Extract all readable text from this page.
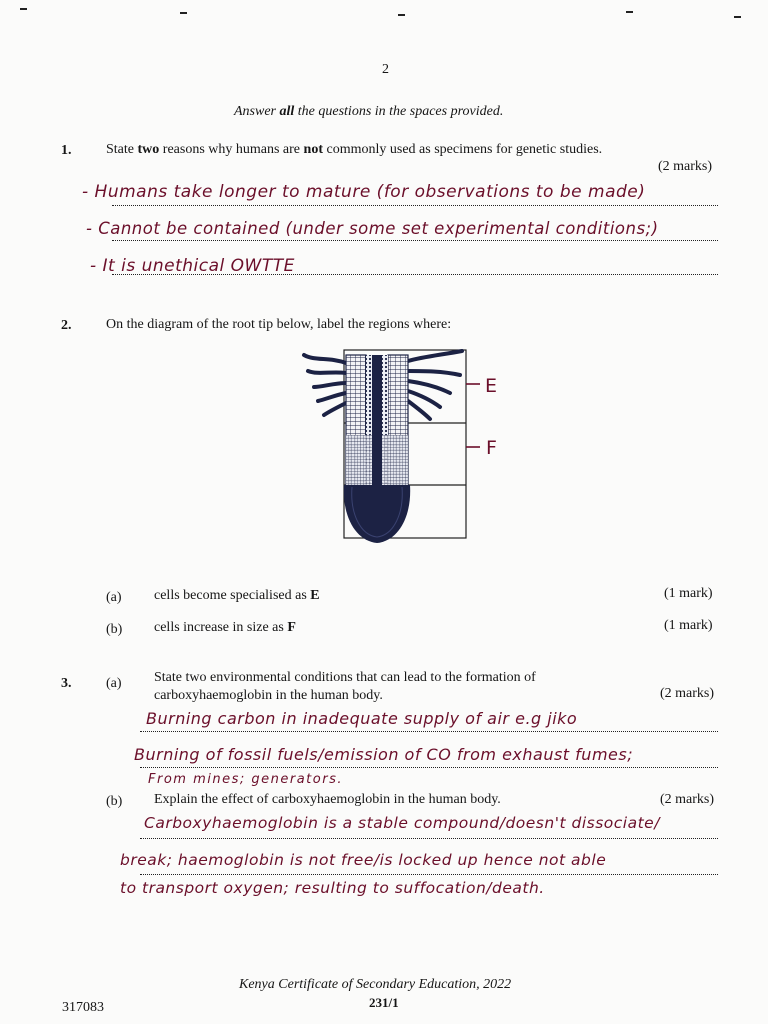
2
Answer all the questions in the spaces provided.
1. State two reasons why humans are not commonly used as specimens for genetic studies.
(2 marks)
- Humans take longer to mature (for observations to be made)
- Cannot be contained (under some set experimental conditions;)
- It is unethical OWTTE
2. On the diagram of the root tip below, label the regions where:
E
F
(a) cells become specialised as E	(1 mark)
(b) cells increase in size as F	(1 mark)
3. (a) State two environmental conditions that can lead to the formation of
carboxyhaemoglobin in the human body.	(2 marks)
Burning carbon in inadequate supply of air e.g jiko
Burning of fossil fuels/emission of CO from exhaust fumes;
From mines; generators.
(b) Explain the effect of carboxyhaemoglobin in the human body.	(2 marks)
Carboxyhaemoglobin is a stable compound/doesn't dissociate/
break; haemoglobin is not free/is locked up hence not able
to transport oxygen; resulting to suffocation/death.
Kenya Certificate of Secondary Education, 2022
231/1
317083
